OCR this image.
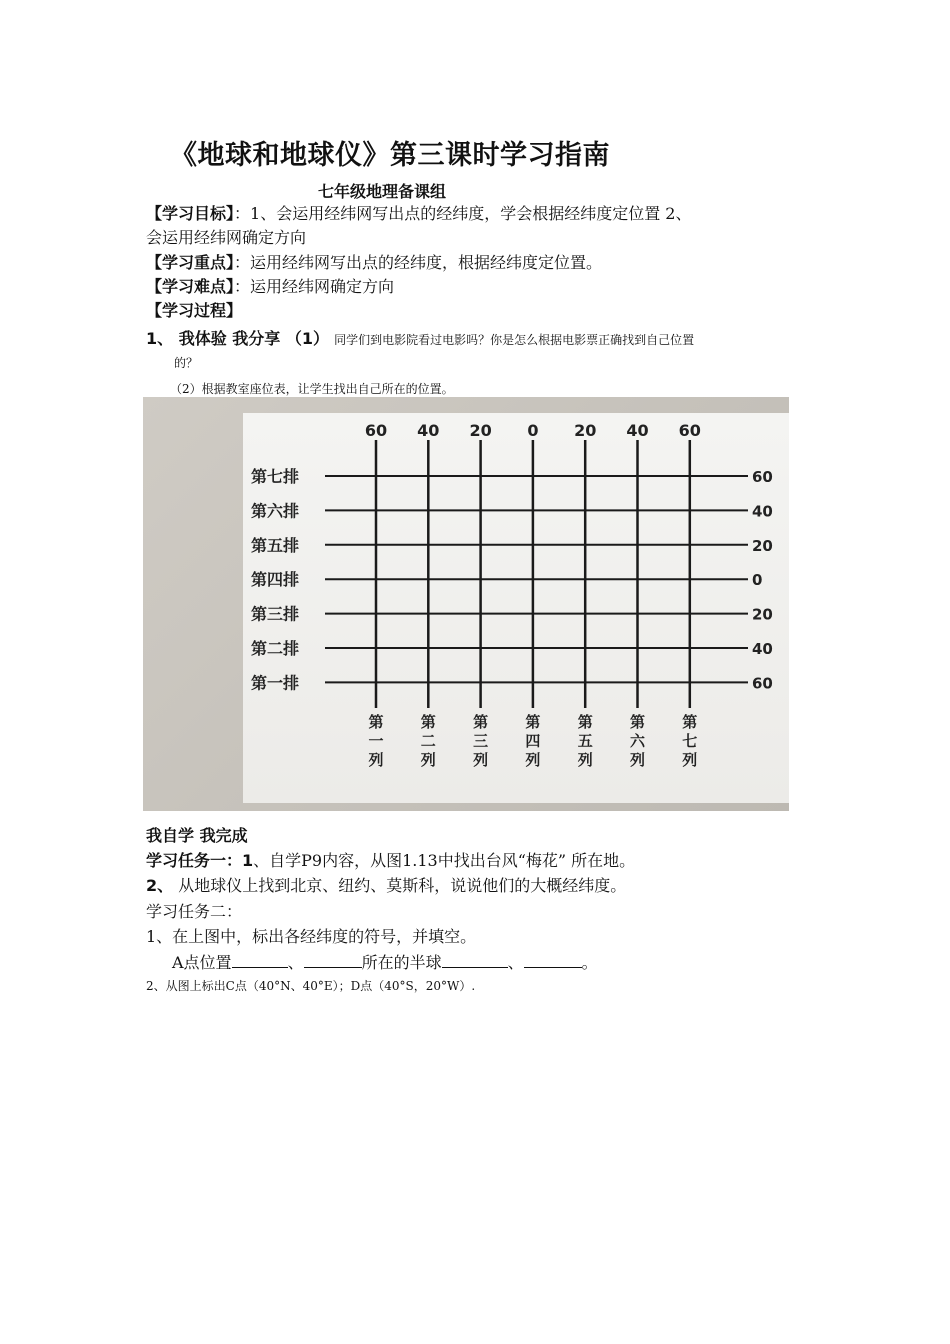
《地球和地球仪》第三课时学习指南
七年级地理备课组
【学习目标】：1、会运用经纬网写出点的经纬度，学会根据经纬度定位置 2、
会运用经纬网确定方向
【学习重点】：运用经纬网写出点的经纬度，根据经纬度定位置。
【学习难点】：运用经纬网确定方向
【学习过程】
1、 我体验 我分享 （1） 同学们到电影院看过电影吗？你是怎么根据电影票正确找到自己位置
的？
（2）根据教室座位表，让学生找出自己所在的位置。
第七排	60
第六排	40
第五排	20
第四排	0
第三排	20
第二排	40
第一排	60
60
第
一
列
40
第
二
列
20
第
三
列
0
第
四
列
20
第
五
列
40
第
六
列
60
第
七
列
我自学 我完成
学习任务一：1、自学P9内容，从图1.13中找出台风“梅花” 所在地。
2、 从地球仪上找到北京、纽约、莫斯科，说说他们的大概经纬度。
学习任务二：
1、在上图中，标出各经纬度的符号，并填空。
A点位置	、	所在的半球	、	。
2、从图上标出C点（40°N、40°E）；D点（40°S，20°W）.
